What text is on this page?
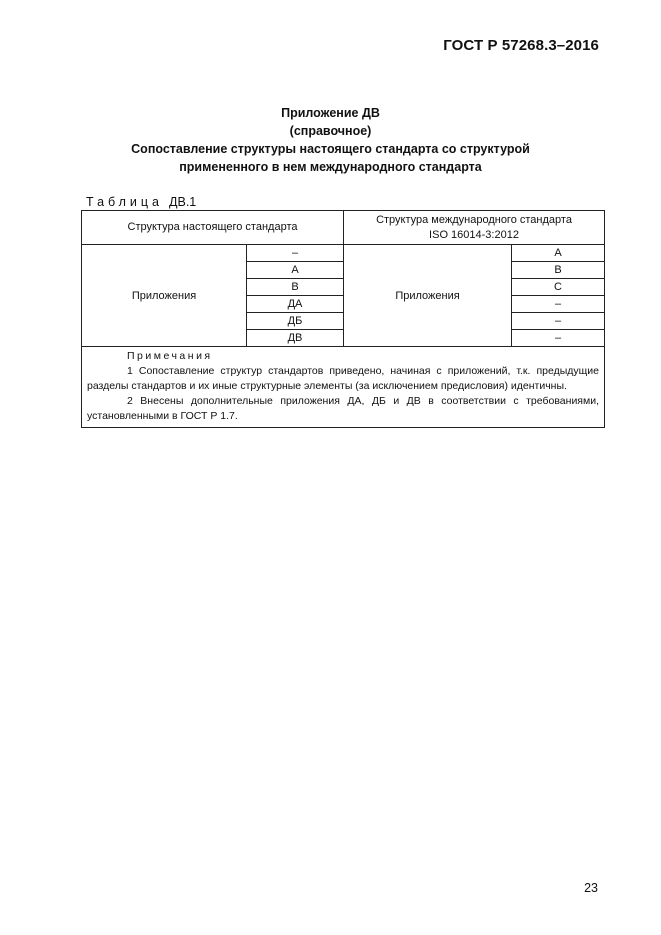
ГОСТ Р 57268.3–2016
Приложение ДВ
(справочное)
Сопоставление структуры настоящего стандарта со структурой
примененного в нем международного стандарта
Таблица ДВ.1
Структура настоящего стандарта		Структура международного стандарта
ISO 16014-3:2012	

Приложения	–	Приложения	А
	А		В
	В		С
	ДА		–
	ДБ		–
	ДВ		–

Примечания
1 Сопоставление структур стандартов приведено, начиная с приложений, т.к. предыдущие разделы стандартов и их иные структурные элементы (за исключением предисловия) идентичны.
2 Внесены дополнительные приложения ДА, ДБ и ДВ в соответствии с требованиями, установленными в ГОСТ Р 1.7.			
23
